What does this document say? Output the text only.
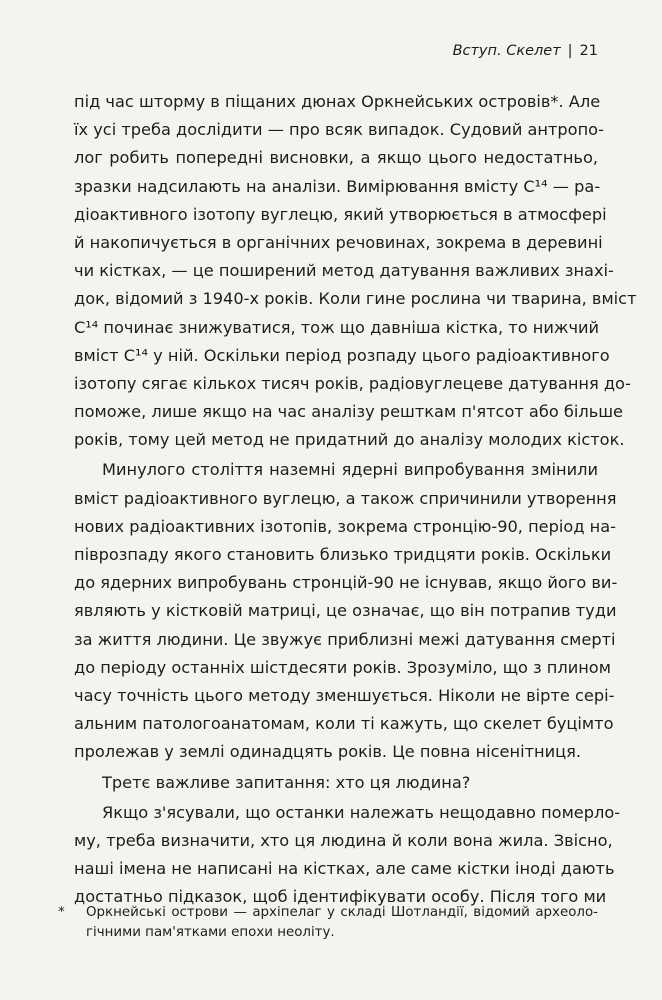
Вступ. Скелет | 21
під час шторму в піщаних дюнах Оркнейських островів*. Але
їх усі треба дослідити — про всяк випадок. Судовий антропо-
лог робить попередні висновки, а якщо цього недостатньо,
зразки надсилають на аналізи. Вимірювання вмісту C¹⁴ — ра-
діоактивного ізотопу вуглецю, який утворюється в атмосфері
й накопичується в органічних речовинах, зокрема в деревині
чи кістках, — це поширений метод датування важливих знахі-
док, відомий з 1940-х років. Коли гине рослина чи тварина, вміст
C¹⁴ починає знижуватися, тож що давніша кістка, то нижчий
вміст C¹⁴ у ній. Оскільки період розпаду цього радіоактивного
ізотопу сягає кількох тисяч років, радіовуглецеве датування до-
поможе, лише якщо на час аналізу решткам п'ятсот або більше
років, тому цей метод не придатний до аналізу молодих кісток.
Минулого століття наземні ядерні випробування змінили
вміст радіоактивного вуглецю, а також спричинили утворення
нових радіоактивних ізотопів, зокрема стронцію-90, період на-
піврозпаду якого становить близько тридцяти років. Оскільки
до ядерних випробувань стронцій-90 не існував, якщо його ви-
являють у кістковій матриці, це означає, що він потрапив туди
за життя людини. Це звужує приблизні межі датування смерті
до періоду останніх шістдесяти років. Зрозуміло, що з плином
часу точність цього методу зменшується. Ніколи не вірте сері-
альним патологоанатомам, коли ті кажуть, що скелет буцімто
пролежав у землі одинадцять років. Це повна нісенітниця.
Третє важливе запитання: хто ця людина?
Якщо з'ясували, що останки належать нещодавно померло-
му, треба визначити, хто ця людина й коли вона жила. Звісно,
наші імена не написані на кістках, але саме кістки іноді дають
достатньо підказок, щоб ідентифікувати особу. Після того ми
* Оркнейські острови — архіпелаг у складі Шотландії, відомий археоло-
гічними пам'ятками епохи неоліту.
